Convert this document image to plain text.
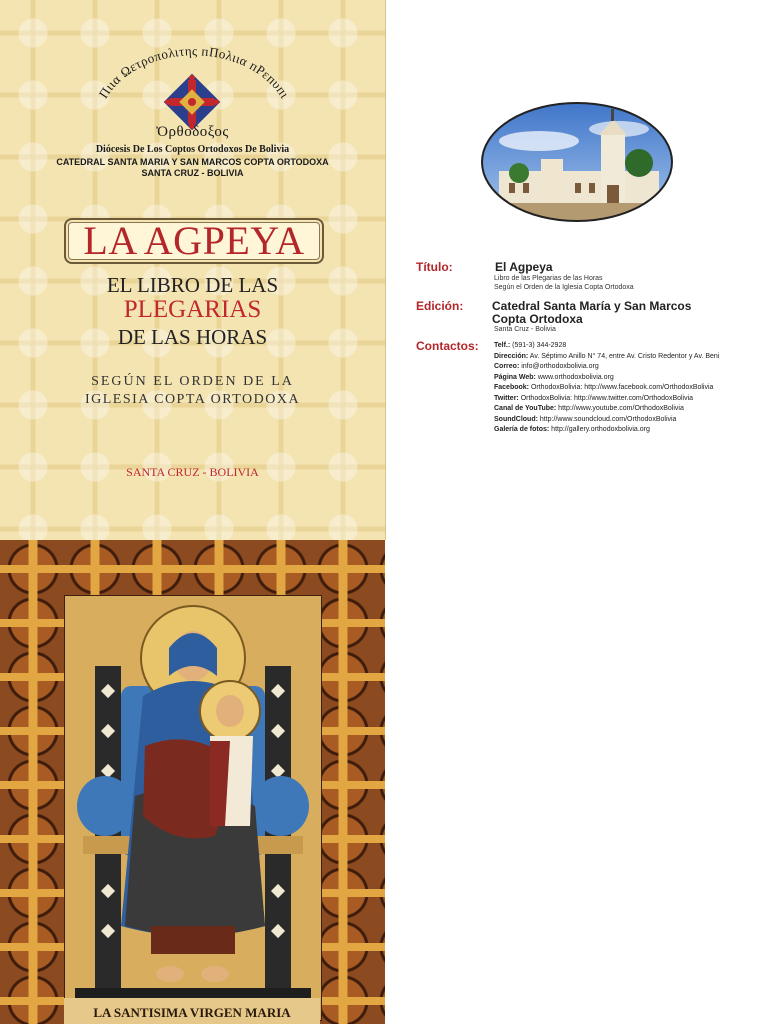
Πιια Ωετροπολιτης ᴨΠολιια ᴨΡεᴨυᴨι
Ὀρθοδοξος
Diócesis De Los Coptos Ortodoxos De Bolivia
CATEDRAL SANTA MARIA Y SAN MARCOS COPTA ORTODOXA
SANTA CRUZ - BOLIVIA
LA AGPEYA
EL LIBRO DE LAS
PLEGARIAS
DE LAS HORAS
SEGÚN EL ORDEN DE LA
IGLESIA COPTA ORTODOXA
SANTA CRUZ - BOLIVIA
LA SANTISIMA VIRGEN MARIA
Título:	El Agpeya
Libro de las Plegarias de las Horas
Según el Orden de la Iglesia Copta Ortodoxa
Edición: Catedral Santa María y San Marcos
Copta Ortodoxa
Santa Cruz - Bolivia
Contactos: Telf.: (591-3) 344-2928
Dirección: Av. Séptimo Anillo N° 74, entre Av. Cristo Redentor y Av. Beni
Correo: info@orthodoxbolivia.org
Página Web: www.orthodoxbolivia.org
Facebook: OrthodoxBolivia: http://www.facebook.com/OrthodoxBolivia
Twitter: OrthodoxBolivia: http://www.twitter.com/OrthodoxBolivia
Canal de YouTube: http://www.youtube.com/OrthodoxBolivia
SoundCloud: http://www.soundcloud.com/OrthodoxBolivia
Galería de fotos: http://gallery.orthodoxbolivia.org
